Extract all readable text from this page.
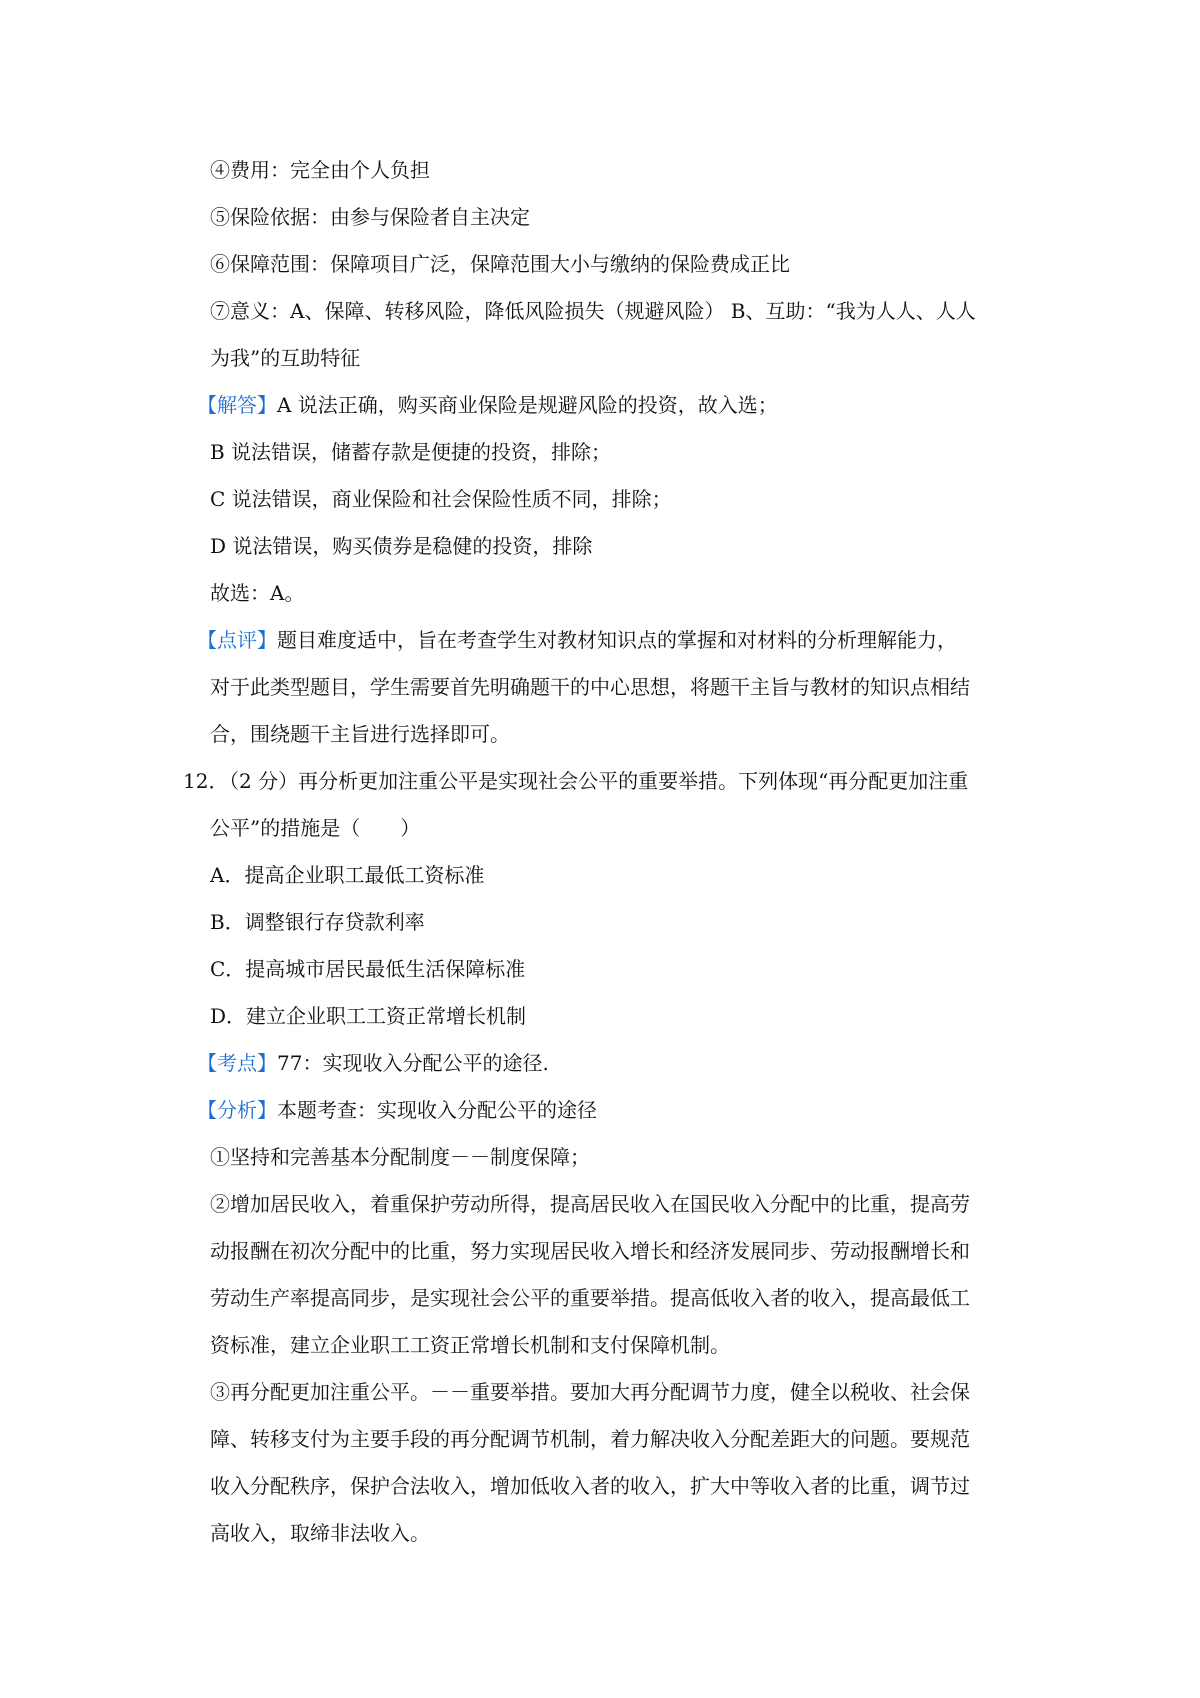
④费用：完全由个人负担
⑤保险依据：由参与保险者自主决定
⑥保障范围：保障项目广泛，保障范围大小与缴纳的保险费成正比
⑦意义：A、保障、转移风险，降低风险损失（规避风险） B、互助：“我为人人、人人
为我”的互助特征
【解答】A 说法正确，购买商业保险是规避风险的投资，故入选；
B 说法错误，储蓄存款是便捷的投资，排除；
C 说法错误，商业保险和社会保险性质不同，排除；
D 说法错误，购买债券是稳健的投资，排除
故选：A。
【点评】题目难度适中，旨在考查学生对教材知识点的掌握和对材料的分析理解能力，
对于此类型题目，学生需要首先明确题干的中心思想，将题干主旨与教材的知识点相结
合，围绕题干主旨进行选择即可。
12．
（2 分）再分析更加注重公平是实现社会公平的重要举措。下列体现“再分配更加注重
公平”的措施是（　　）
A．提高企业职工最低工资标准
B．调整银行存贷款利率
C．提高城市居民最低生活保障标准
D．建立企业职工工资正常增长机制
【考点】77：实现收入分配公平的途径.
【分析】本题考查：实现收入分配公平的途径
①坚持和完善基本分配制度－－制度保障；
②增加居民收入，着重保护劳动所得，提高居民收入在国民收入分配中的比重，提高劳
动报酬在初次分配中的比重，努力实现居民收入增长和经济发展同步、劳动报酬增长和
劳动生产率提高同步，是实现社会公平的重要举措。提高低收入者的收入，提高最低工
资标准，建立企业职工工资正常增长机制和支付保障机制。
③再分配更加注重公平。－－重要举措。要加大再分配调节力度，健全以税收、社会保
障、转移支付为主要手段的再分配调节机制，着力解决收入分配差距大的问题。要规范
收入分配秩序，保护合法收入，增加低收入者的收入，扩大中等收入者的比重，调节过
高收入，取缔非法收入。
